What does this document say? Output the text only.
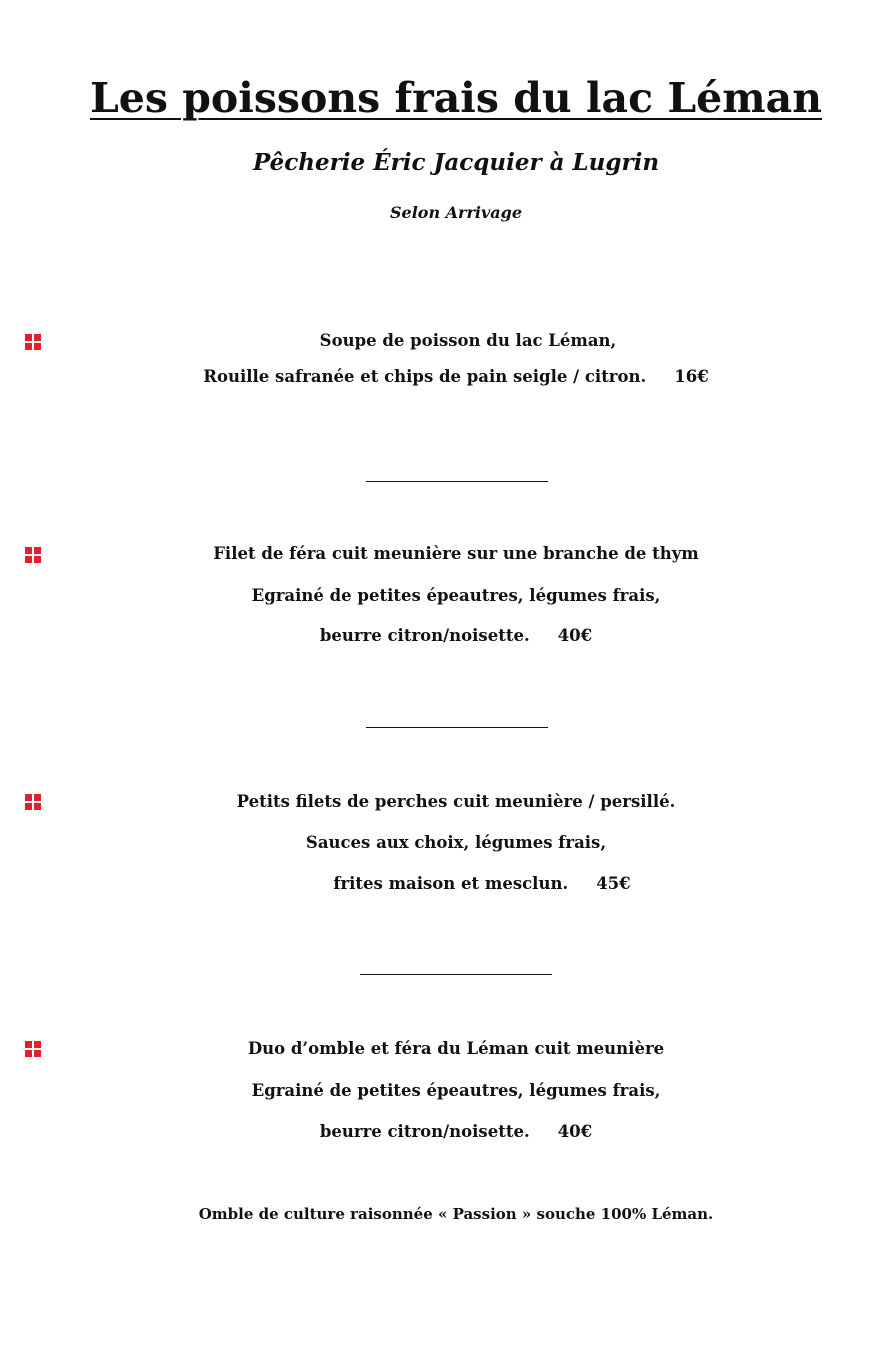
Les poissons frais du lac Léman
Pêcherie Éric Jacquier à Lugrin
Selon Arrivage
Soupe de poisson du lac Léman,
Rouille safranée et chips de pain seigle / citron. 16€
Filet de féra cuit meunière sur une branche de thym
Egrainé de petites épeautres, légumes frais,
beurre citron/noisette. 40€
Petits filets de perches cuit meunière / persillé.
Sauces aux choix, légumes frais,
frites maison et mesclun. 45€
Duo d’omble et féra du Léman cuit meunière
Egrainé de petites épeautres, légumes frais,
beurre citron/noisette. 40€
Omble de culture raisonnée « Passion » souche 100% Léman.
